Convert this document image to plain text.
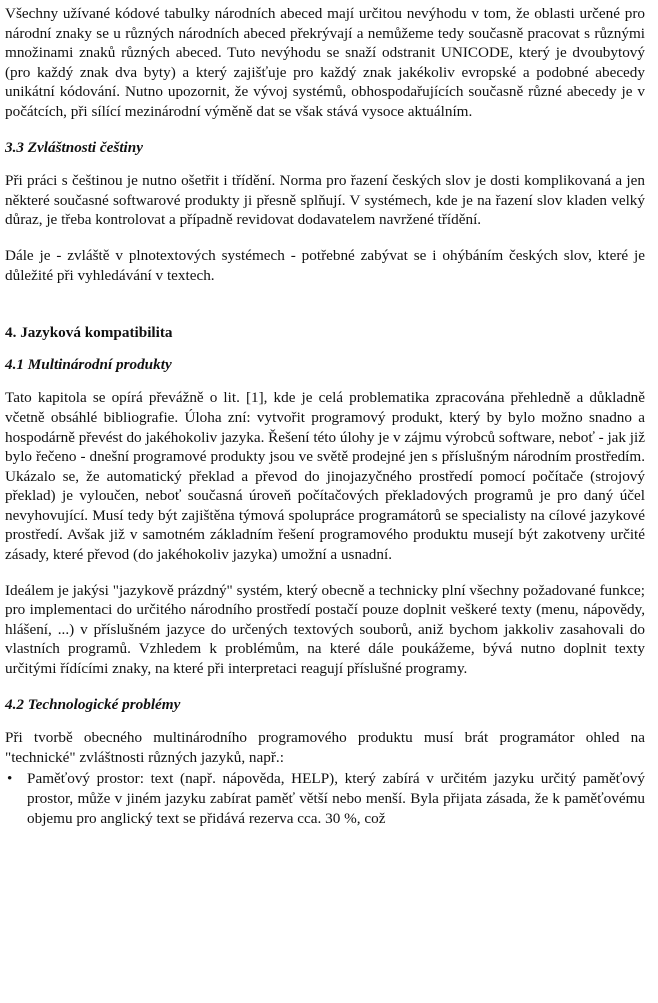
Všechny užívané kódové tabulky národních abeced mají určitou nevýhodu v tom, že oblasti určené pro národní znaky se u různých národních abeced překrývají a nemůžeme tedy současně pracovat s různými množinami znaků různých abeced. Tuto nevýhodu se snaží odstranit UNICODE, který je dvoubytový (pro každý znak dva byty) a který zajišťuje pro každý znak jakékoliv evropské a podobné abecedy unikátní kódování. Nutno upozornit, že vývoj systémů, obhospodařujících současně různé abecedy je v počátcích, při sílící mezinárodní výměně dat se však stává vysoce aktuálním.

3.3 Zvláštnosti češtiny

Při práci s češtinou je nutno ošetřit i třídění. Norma pro řazení českých slov je dosti komplikovaná a jen některé současné softwarové produkty ji přesně splňují. V systémech, kde je na řazení slov kladen velký důraz, je třeba kontrolovat a případně revidovat dodavatelem navržené třídění.

Dále je - zvláště v plnotextových systémech - potřebné zabývat se i ohýbáním českých slov, které je důležité při vyhledávání v textech.

4. Jazyková kompatibilita
4.1 Multinárodní produkty

Tato kapitola se opírá převážně o lit. [1], kde je celá problematika zpracována přehledně a důkladně včetně obsáhlé bibliografie. Úloha zní: vytvořit programový produkt, který by bylo možno snadno a hospodárně převést do jakéhokoliv jazyka. Řešení této úlohy je v zájmu výrobců software, neboť - jak již bylo řečeno - dnešní programové produkty jsou ve světě prodejné jen s příslušným národním prostředím. Ukázalo se, že automatický překlad a převod do jinojazyčného prostředí pomocí počítače (strojový překlad) je vyloučen, neboť současná úroveň počítačových překladových programů je pro daný účel nevyhovující. Musí tedy být zajištěna týmová spolupráce programátorů se specialisty na cílové jazykové prostředí. Avšak již v samotném základním řešení programového produktu musejí být zakotveny určité zásady, které převod (do jakéhokoliv jazyka) umožní a usnadní.

Ideálem je jakýsi "jazykově prázdný" systém, který obecně a technicky plní všechny požadované funkce; pro implementaci do určitého národního prostředí postačí pouze doplnit veškeré texty (menu, nápovědy, hlášení, ...) v příslušném jazyce do určených textových souborů, aniž bychom jakkoliv zasahovali do vlastních programů. Vzhledem k problémům, na které dále poukážeme, bývá nutno doplnit texty určitými řídícími znaky, na které při interpretaci reagují příslušné programy.

4.2 Technologické problémy

Při tvorbě obecného multinárodního programového produktu musí brát programátor ohled na "technické" zvláštnosti různých jazyků, např.:

• Paměťový prostor: text (např. nápověda, HELP), který zabírá v určitém jazyku určitý paměťový prostor, může v jiném jazyku zabírat paměť větší nebo menší. Byla přijata zásada, že k paměťovému objemu pro anglický text se přidává rezerva cca. 30 %, což
